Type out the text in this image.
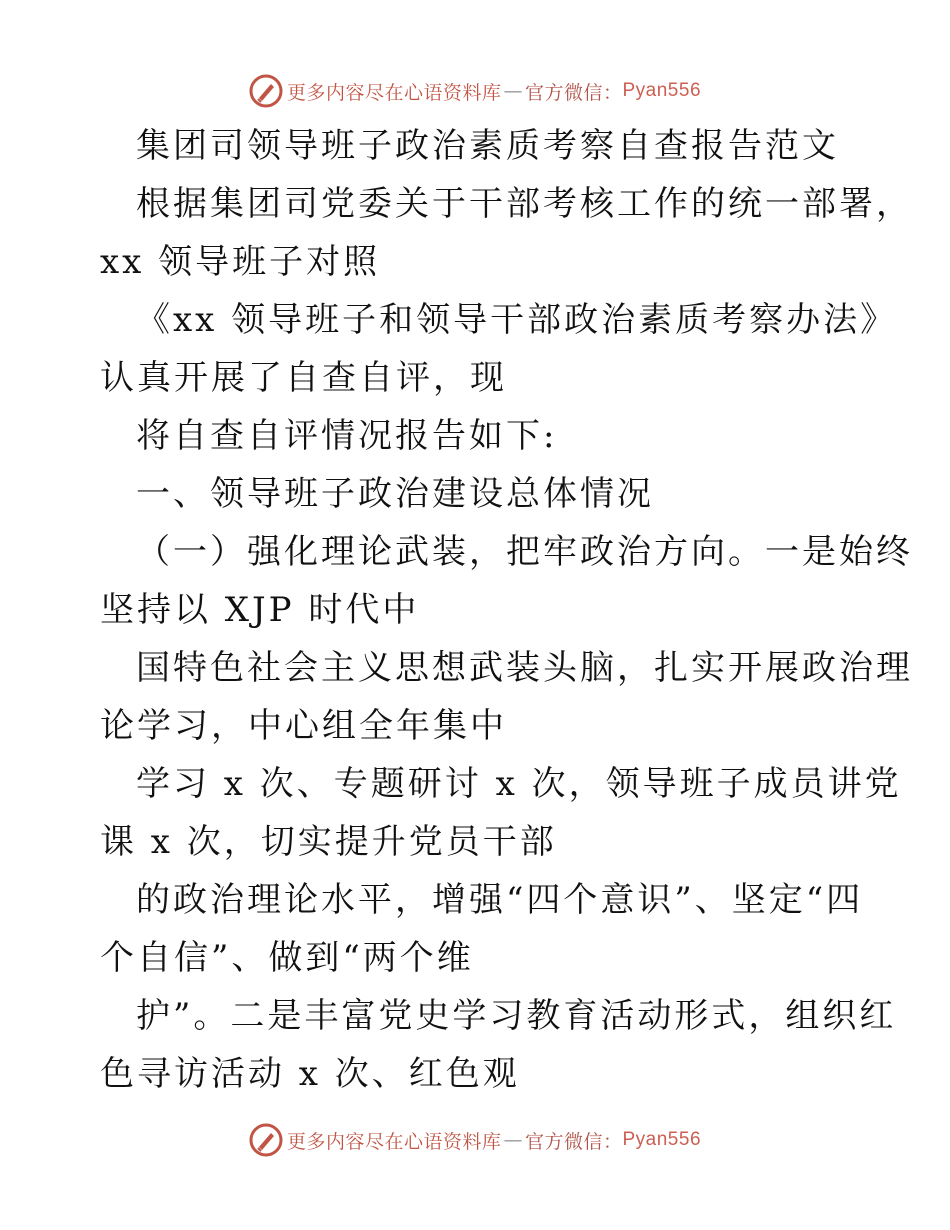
更多内容尽在心语资料库 — 官方微信： Pyan556
集团司领导班子政治素质考察自查报告范文
根据集团司党委关于干部考核工作的统一部署，
xx 领导班子对照
《xx 领导班子和领导干部政治素质考察办法》
认真开展了自查自评，现
将自查自评情况报告如下:
一、领导班子政治建设总体情况
（一）强化理论武装，把牢政治方向。一是始终
坚持以 XJP 时代中
国特色社会主义思想武装头脑，扎实开展政治理
论学习，中心组全年集中
学习 x 次、专题研讨 x 次，领导班子成员讲党
课 x 次，切实提升党员干部
的政治理论水平，增强“四个意识”、坚定“四
个自信”、做到“两个维
护”。二是丰富党史学习教育活动形式，组织红
色寻访活动 x 次、红色观
更多内容尽在心语资料库 — 官方微信： Pyan556
